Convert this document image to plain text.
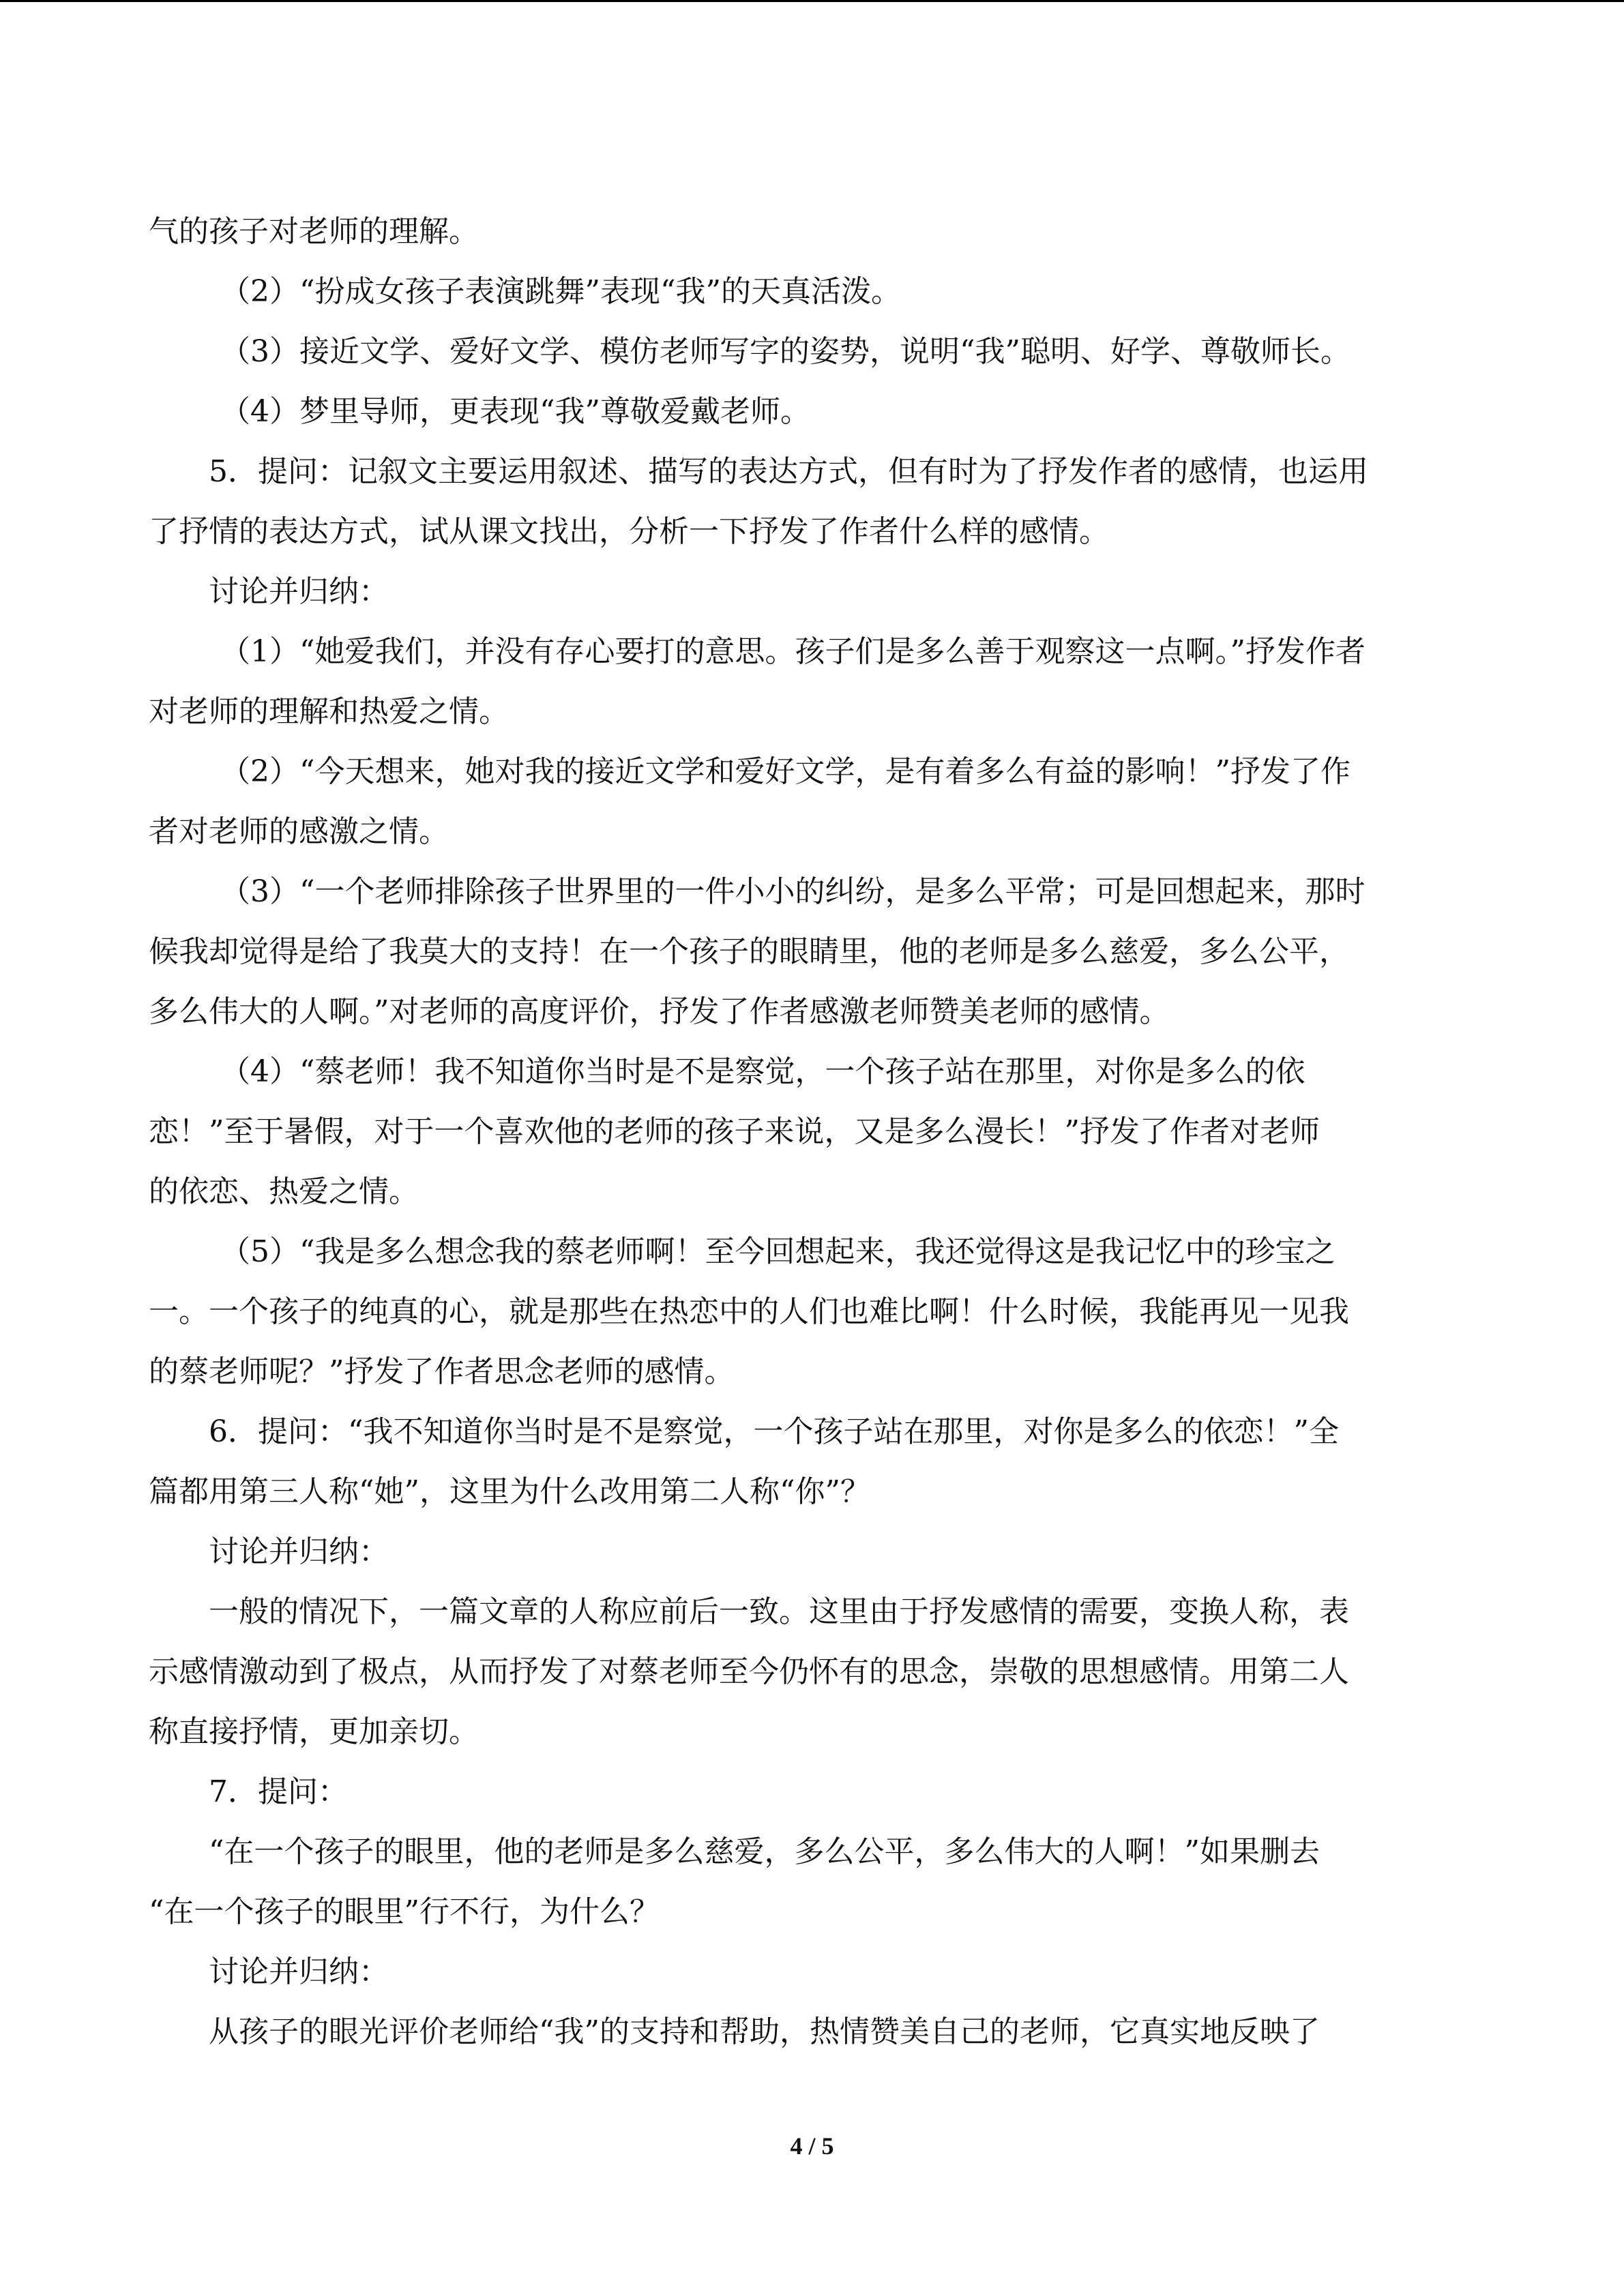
气的孩子对老师的理解。
（2）“扮成女孩子表演跳舞”表现“我”的天真活泼。
（3）接近文学、爱好文学、模仿老师写字的姿势，说明“我”聪明、好学、尊敬师长。
（4）梦里导师，更表现“我”尊敬爱戴老师。
5．提问：记叙文主要运用叙述、描写的表达方式，但有时为了抒发作者的感情，也运用
了抒情的表达方式，试从课文找出，分析一下抒发了作者什么样的感情。
讨论并归纳：
（1）“她爱我们，并没有存心要打的意思。孩子们是多么善于观察这一点啊。”抒发作者
对老师的理解和热爱之情。
（2）“今天想来，她对我的接近文学和爱好文学，是有着多么有益的影响！”抒发了作
者对老师的感激之情。
（3）“一个老师排除孩子世界里的一件小小的纠纷，是多么平常；可是回想起来，那时
候我却觉得是给了我莫大的支持！在一个孩子的眼睛里，他的老师是多么慈爱，多么公平，
多么伟大的人啊。”对老师的高度评价，抒发了作者感激老师赞美老师的感情。
（4）“蔡老师！我不知道你当时是不是察觉，一个孩子站在那里，对你是多么的依
恋！”至于暑假，对于一个喜欢他的老师的孩子来说，又是多么漫长！”抒发了作者对老师
的依恋、热爱之情。
（5）“我是多么想念我的蔡老师啊！至今回想起来，我还觉得这是我记忆中的珍宝之
一。一个孩子的纯真的心，就是那些在热恋中的人们也难比啊！什么时候，我能再见一见我
的蔡老师呢？”抒发了作者思念老师的感情。
6．提问：“我不知道你当时是不是察觉，一个孩子站在那里，对你是多么的依恋！”全
篇都用第三人称“她”，这里为什么改用第二人称“你”？
讨论并归纳：
一般的情况下，一篇文章的人称应前后一致。这里由于抒发感情的需要，变换人称，表
示感情激动到了极点，从而抒发了对蔡老师至今仍怀有的思念，崇敬的思想感情。用第二人
称直接抒情，更加亲切。
7．提问：
“在一个孩子的眼里，他的老师是多么慈爱，多么公平，多么伟大的人啊！”如果删去
“在一个孩子的眼里”行不行，为什么？
讨论并归纳：
从孩子的眼光评价老师给“我”的支持和帮助，热情赞美自己的老师，它真实地反映了
4 / 5
